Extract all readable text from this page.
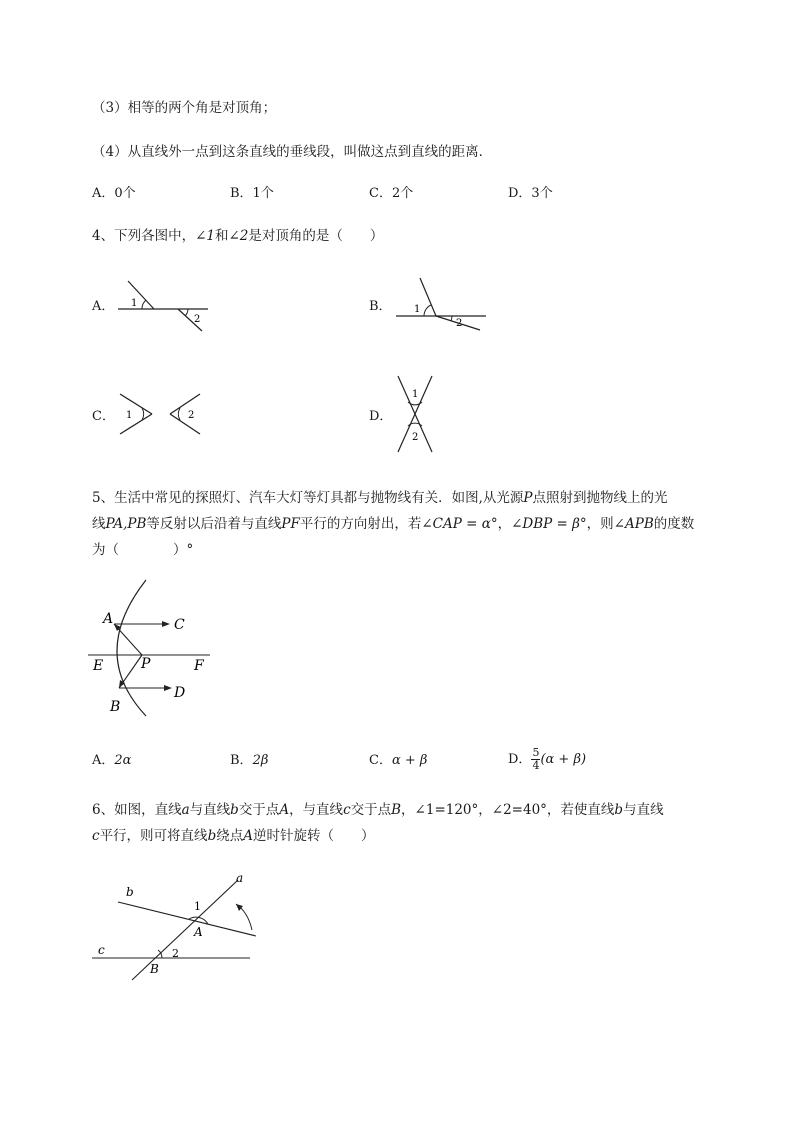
（3）相等的两个角是对顶角；
（4）从直线外一点到这条直线的垂线段，叫做这点到直线的距离．
A．0个	B．1个	C．2个	D．3个
4、下列各图中，∠1和∠2是对顶角的是（　　）
A． 1
2
B． 1
2
C． 1	2	D．
1
2
5、生活中常见的探照灯、汽车大灯等灯具都与抛物线有关．如图,从光源P点照射到抛物线上的光
线PA,PB等反射以后沿着与直线PF平行的方向射出，若∠CAP = α°，∠DBP = β°，则∠APB的度数
为（　　　　）°
A	C
E	P	F
D
B
A．2α	B．2β	C．α + β	D． $\frac{5}{4} (\alpha + \beta)$
6、如图，直线a与直线b交于点A，与直线c交于点B，∠1=120°，∠2=40°，若使直线b与直线
c平行，则可将直线b绕点A逆时针旋转（　　）
b
a
c
1
A
2
B
